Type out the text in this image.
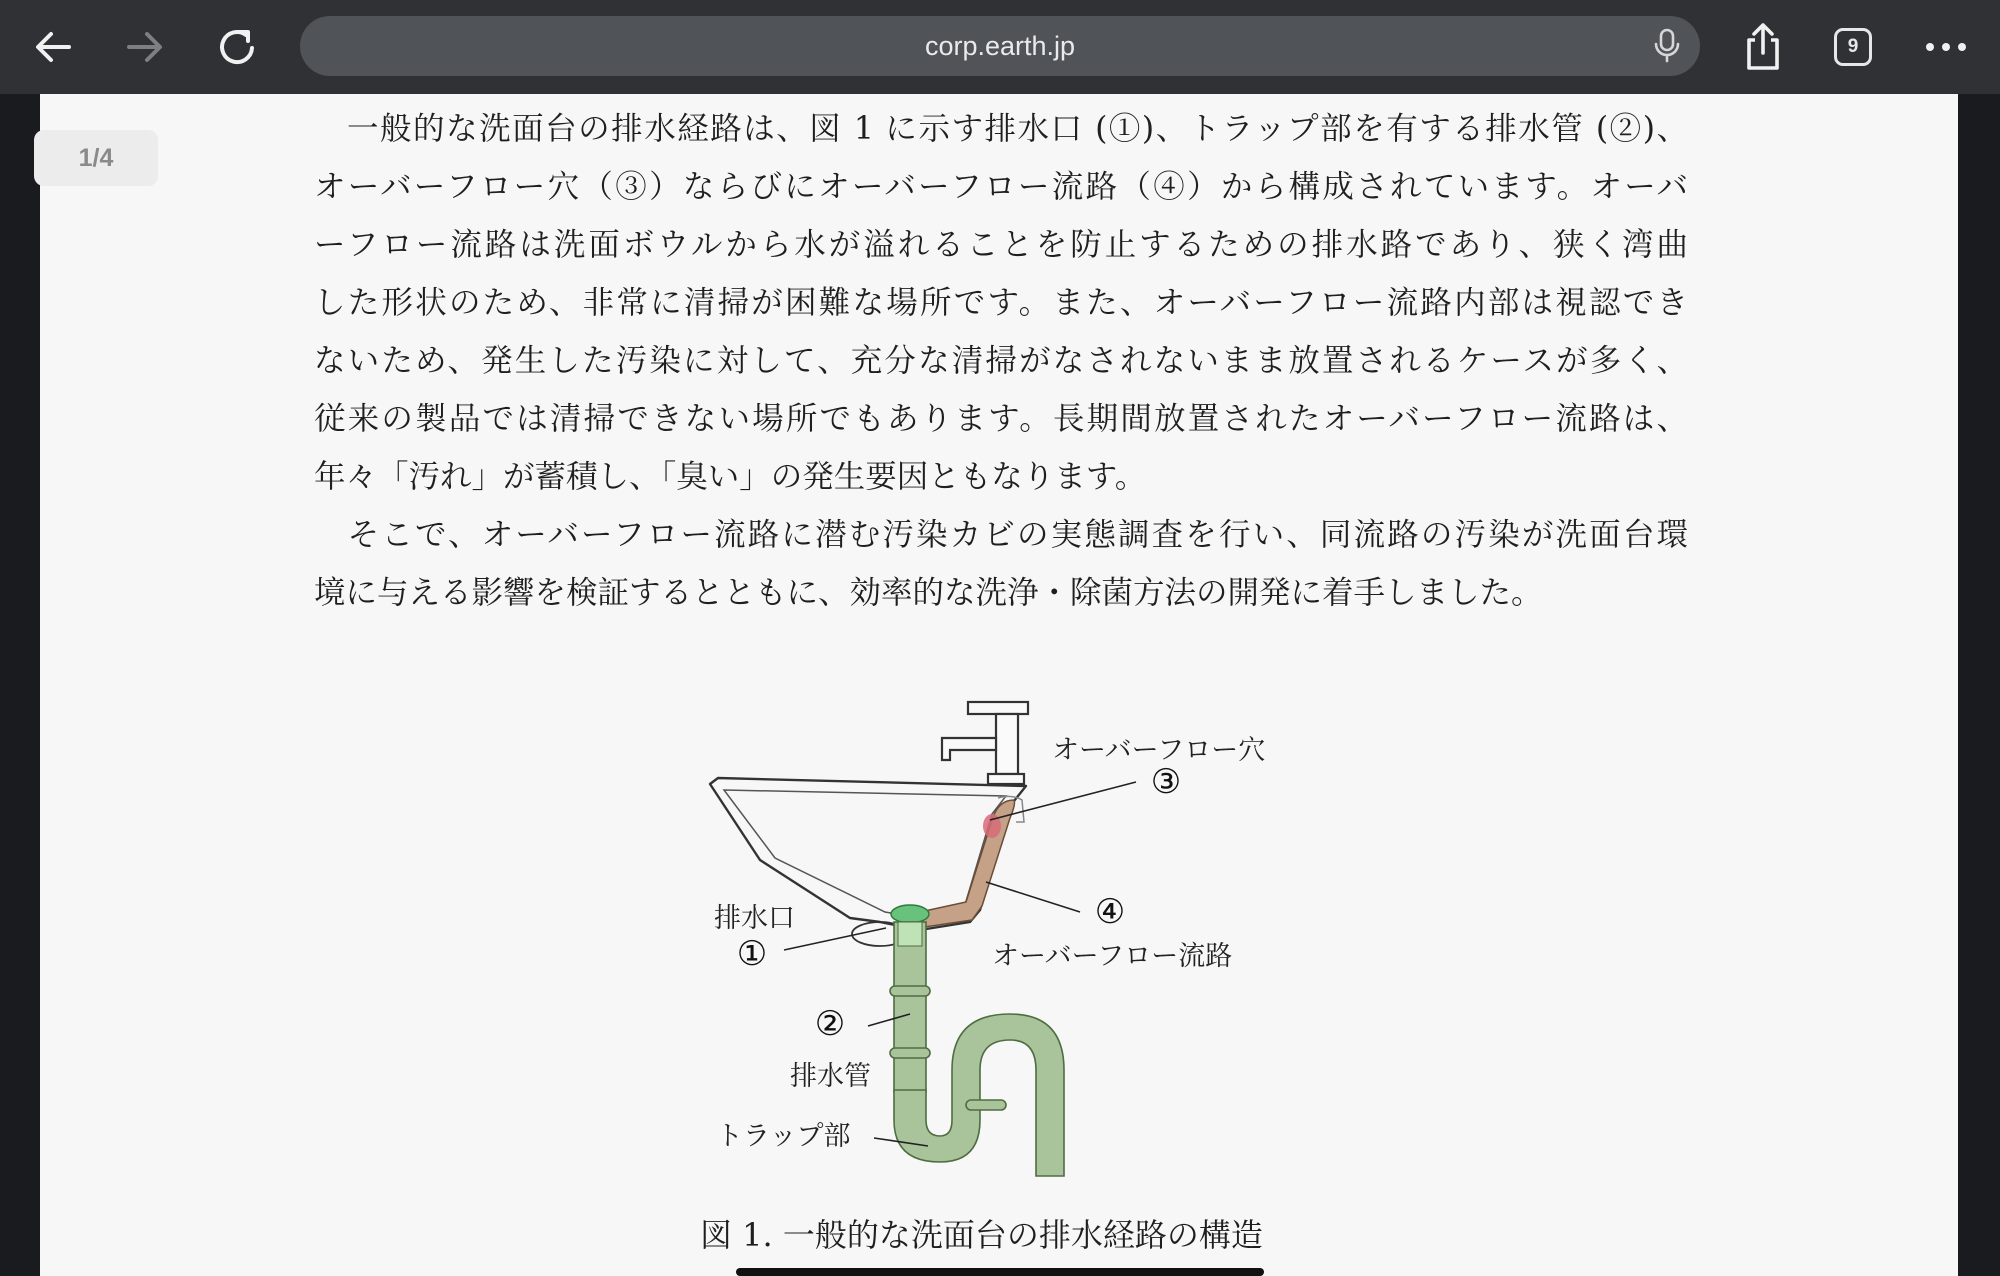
corp.earth.jp	9
1/4
　一般的な洗面台の排水経路は、図 1 に示す排水口 (①)、トラップ部を有する排水管 (②)、
オーバーフロー穴（③）ならびにオーバーフロー流路（④）から構成されています。オーバ
ーフロー流路は洗面ボウルから水が溢れることを防止するための排水路であり、狭く湾曲
した形状のため、非常に清掃が困難な場所です。また、オーバーフロー流路内部は視認でき
ないため、発生した汚染に対して、充分な清掃がなされないまま放置されるケースが多く、
従来の製品では清掃できない場所でもあります。長期間放置されたオーバーフロー流路は、
年々「汚れ」が蓄積し、「臭い」の発生要因ともなります。
　そこで、オーバーフロー流路に潜む汚染カビの実態調査を行い、同流路の汚染が洗面台環
境に与える影響を検証するとともに、効率的な洗浄・除菌方法の開発に着手しました。
オーバーフロー穴
③
排水口
①
④
オーバーフロー流路
②
排水管
トラップ部
図 1. 一般的な洗面台の排水経路の構造
